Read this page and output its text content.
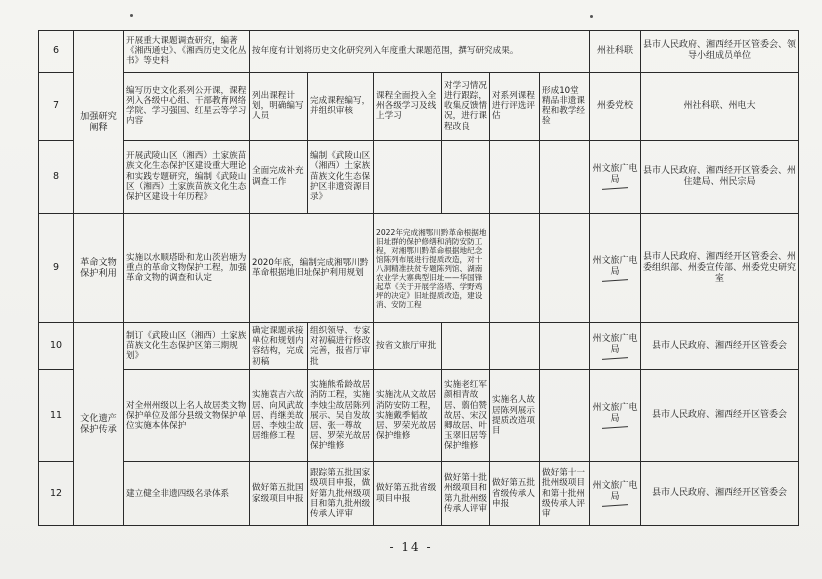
6	加强研究阐释	开展重大课题调查研究，编著《湘西通史》、《湘西历史文化丛书》等史料	按年度有计划将历史文化研究列入年度重大课题范围，撰写研究成果。						州社科联	县市人民政府、湘西经开区管委会、领导小组成员单位
7		编写历史文化系列公开课，课程列入各级中心组、干部教育网络学院、学习强国、红星云等学习内容	列出课程计划，明确编写人员	完成课程编写，并组织审核	课程全面投入全州各级学习及线上学习	对学习情况进行跟踪，收集反馈情况，进行课程改良	对系列课程进行评选评估	形成10堂精品非遗课程和教学经验	州委党校	州社科联、州电大
8		开展武陵山区（湘西）土家族苗族文化生态保护区建设重大理论和实践专题研究，编制《武陵山区（湘西）土家族苗族文化生态保护区建设十年历程》	全面完成补充调查工作	编制《武陵山区（湘西）土家族苗族文化生态保护区非遗资源目录》					州文旅广电局	县市人民政府、湘西经开区管委会、州住建局、州民宗局
9	革命文物保护利用	实施以水顺塔卧和龙山茨岩塘为重点的革命文物保护工程，加强革命文物的调查和认定	2020年底，编制完成湘鄂川黔革命根据地旧址保护利用规划		2022年完成湘鄂川黔革命根据地旧址群的保护修缮和消防安防工程，对湘鄂川黔革命根据地纪念馆陈列布展进行提质改造，对十八洞精准扶贫专题陈列馆、湖南农业学大寨典型旧址——华国锋起草《关于开展学洛塔、学野鸡坪的决定》旧址提质改造，建设消、安防工程				州文旅广电局	县市人民政府、湘西经开区管委会、州委组织部、州委宣传部、州委党史研究室
10	文化遗产保护传承	制订《武陵山区（湘西）土家族苗族文化生态保护区第三期规划》	确定课题承接单位和规划内容结构，完成初稿	组织领导、专家对初稿进行修改完善，报省厅审批	按省文旅厅审批				州文旅广电局	县市人民政府、湘西经开区管委会
11		对全州州级以上名人故居类文物保护单位及部分县级文物保护单位实施本体保护	实施袁吉六故居、向风武故居、肖继美故居、李烛尘故居维修工程	实施熊希龄故居消防工程，实施李烛尘故居陈列展示、吴自发故居、张一尊故居、罗荣光故居保护维修	实施沈从文故居消防安防工程，实施戴季韬故居、罗荣光故居保护维修	实施老红军颜相青故居、翦伯赞故居、宋汉卿故居、叶玉翠旧居等保护维修	实施名人故居陈列展示提质改造项目		州文旅广电局	县市人民政府、湘西经开区管委会
12		建立健全非遗四级名录体系	做好第五批国家级项目申报	跟踪第五批国家级项目申报，做好第九批州级项目和第九批州级传承人评审	做好第五批省级项目申报	做好第十批州级项目和第九批州级传承人评审	做好第五批省级传承人申报	做好第十一批州级项目和第十批州级传承人评审	州文旅广电局	县市人民政府、湘西经开区管委会
- 14 -
